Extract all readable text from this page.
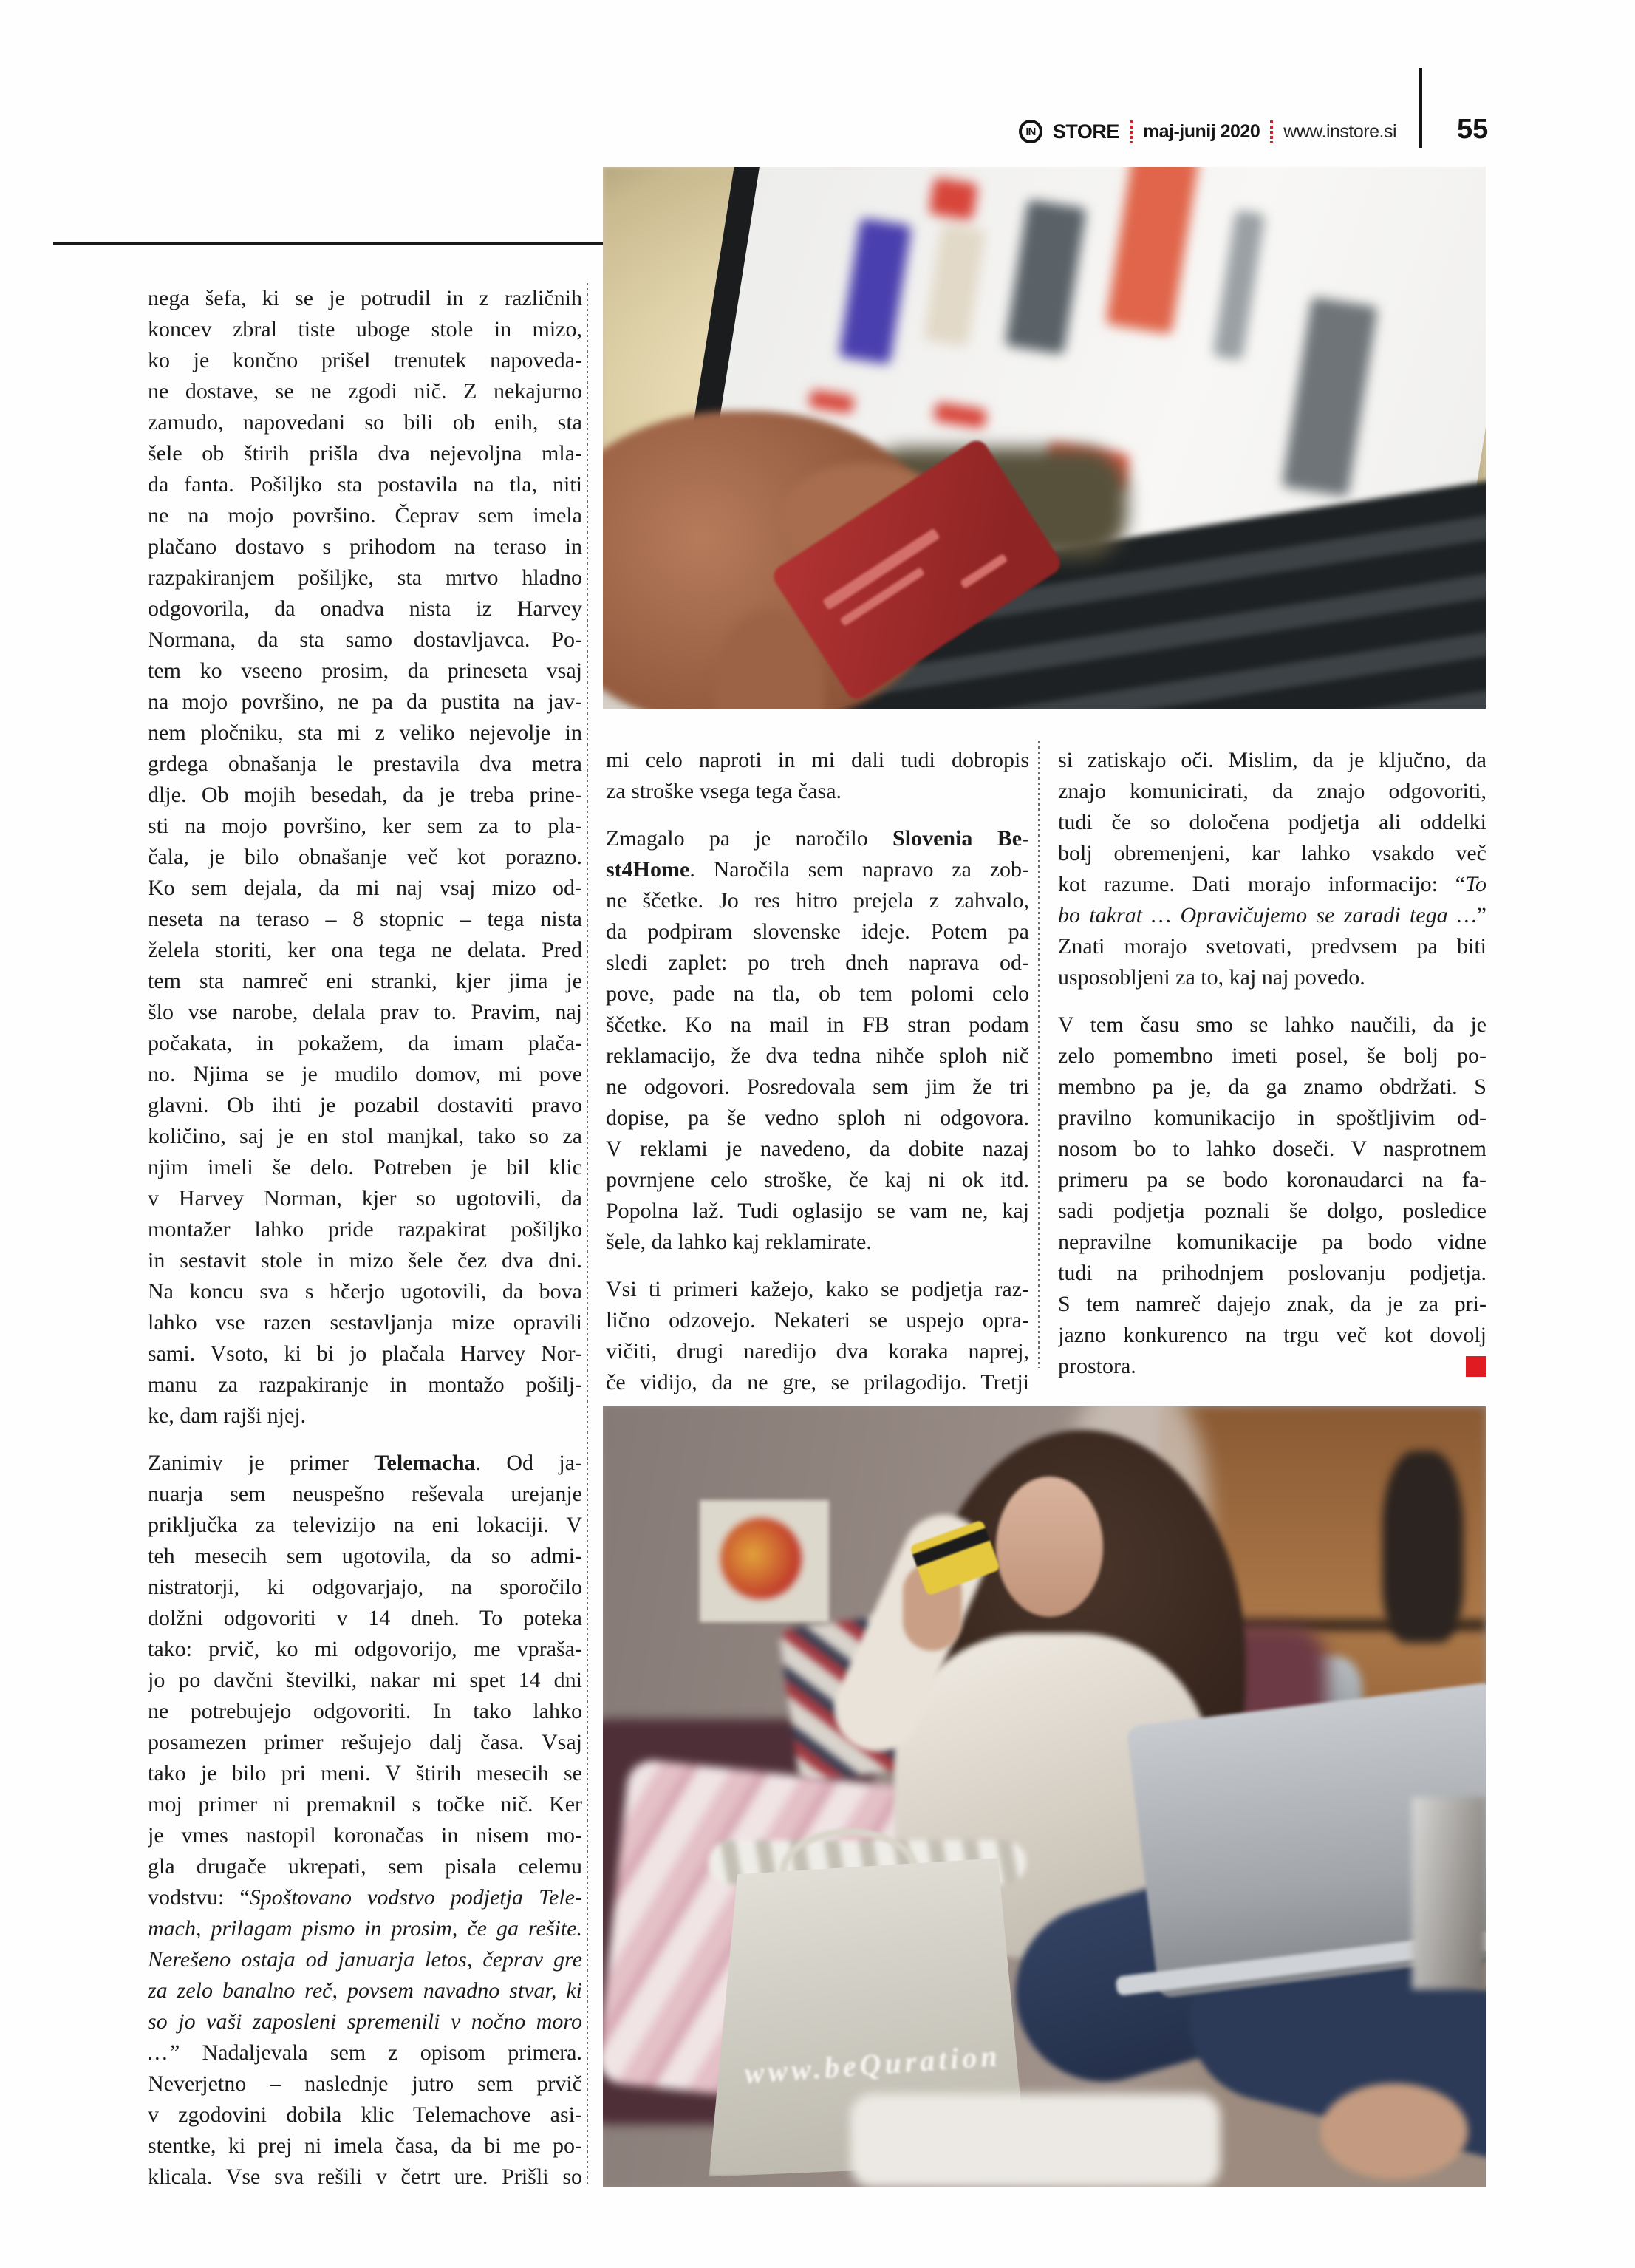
IN STORE maj-junij 2020 www.instore.si 55
www.beQuration
nega šefa, ki se je potrudil in z različnih
koncev zbral tiste uboge stole in mizo,
ko je končno prišel trenutek napoveda-
ne dostave, se ne zgodi nič. Z nekajurno
zamudo, napovedani so bili ob enih, sta
šele ob štirih prišla dva nejevoljna mla-
da fanta. Pošiljko sta postavila na tla, niti
ne na mojo površino. Čeprav sem imela
plačano dostavo s prihodom na teraso in
razpakiranjem pošiljke, sta mrtvo hladno
odgovorila, da onadva nista iz Harvey
Normana, da sta samo dostavljavca. Po-
tem ko vseeno prosim, da prineseta vsaj
na mojo površino, ne pa da pustita na jav-
nem pločniku, sta mi z veliko nejevolje in
grdega obnašanja le prestavila dva metra
dlje. Ob mojih besedah, da je treba prine-
sti na mojo površino, ker sem za to pla-
čala, je bilo obnašanje več kot porazno.
Ko sem dejala, da mi naj vsaj mizo od-
neseta na teraso – 8 stopnic – tega nista
želela storiti, ker ona tega ne delata. Pred
tem sta namreč eni stranki, kjer jima je
šlo vse narobe, delala prav to. Pravim, naj
počakata, in pokažem, da imam plača-
no. Njima se je mudilo domov, mi pove
glavni. Ob ihti je pozabil dostaviti pravo
količino, saj je en stol manjkal, tako so za
njim imeli še delo. Potreben je bil klic
v Harvey Norman, kjer so ugotovili, da
montažer lahko pride razpakirat pošiljko
in sestavit stole in mizo šele čez dva dni.
Na koncu sva s hčerjo ugotovili, da bova
lahko vse razen sestavljanja mize opravili
sami. Vsoto, ki bi jo plačala Harvey Nor-
manu za razpakiranje in montažo pošilj-
ke, dam rajši njej.
Zanimiv je primer Telemacha. Od ja-
nuarja sem neuspešno reševala urejanje
priključka za televizijo na eni lokaciji. V
teh mesecih sem ugotovila, da so admi-
nistratorji, ki odgovarjajo, na sporočilo
dolžni odgovoriti v 14 dneh. To poteka
tako: prvič, ko mi odgovorijo, me vpraša-
jo po davčni številki, nakar mi spet 14 dni
ne potrebujejo odgovoriti. In tako lahko
posamezen primer rešujejo dalj časa. Vsaj
tako je bilo pri meni. V štirih mesecih se
moj primer ni premaknil s točke nič. Ker
je vmes nastopil koronačas in nisem mo-
gla drugače ukrepati, sem pisala celemu
vodstvu: “Spoštovano vodstvo podjetja Tele-
mach, prilagam pismo in prosim, če ga rešite.
Nerešeno ostaja od januarja letos, čeprav gre
za zelo banalno reč, povsem navadno stvar, ki
so jo vaši zaposleni spremenili v nočno moro
…” Nadaljevala sem z opisom primera.
Neverjetno – naslednje jutro sem prvič
v zgodovini dobila klic Telemachove asi-
stentke, ki prej ni imela časa, da bi me po-
klicala. Vse sva rešili v četrt ure. Prišli so
mi celo naproti in mi dali tudi dobropis
za stroške vsega tega časa.
Zmagalo pa je naročilo Slovenia Be-
st4Home. Naročila sem napravo za zob-
ne ščetke. Jo res hitro prejela z zahvalo,
da podpiram slovenske ideje. Potem pa
sledi zaplet: po treh dneh naprava od-
pove, pade na tla, ob tem polomi celo
ščetke. Ko na mail in FB stran podam
reklamacijo, že dva tedna nihče sploh nič
ne odgovori. Posredovala sem jim že tri
dopise, pa še vedno sploh ni odgovora.
V reklami je navedeno, da dobite nazaj
povrnjene celo stroške, če kaj ni ok itd.
Popolna laž. Tudi oglasijo se vam ne, kaj
šele, da lahko kaj reklamirate.
Vsi ti primeri kažejo, kako se podjetja raz-
lično odzovejo. Nekateri se uspejo opra-
vičiti, drugi naredijo dva koraka naprej,
če vidijo, da ne gre, se prilagodijo. Tretji
si zatiskajo oči. Mislim, da je ključno, da
znajo komunicirati, da znajo odgovoriti,
tudi če so določena podjetja ali oddelki
bolj obremenjeni, kar lahko vsakdo več
kot razume. Dati morajo informacijo: “To
bo takrat … Opravičujemo se zaradi tega …”
Znati morajo svetovati, predvsem pa biti
usposobljeni za to, kaj naj povedo.
V tem času smo se lahko naučili, da je
zelo pomembno imeti posel, še bolj po-
membno pa je, da ga znamo obdržati. S
pravilno komunikacijo in spoštljivim od-
nosom bo to lahko doseči. V nasprotnem
primeru pa se bodo koronaudarci na fa-
sadi podjetja poznali še dolgo, posledice
nepravilne komunikacije pa bodo vidne
tudi na prihodnjem poslovanju podjetja.
S tem namreč dajejo znak, da je za pri-
jazno konkurenco na trgu več kot dovolj
prostora.
